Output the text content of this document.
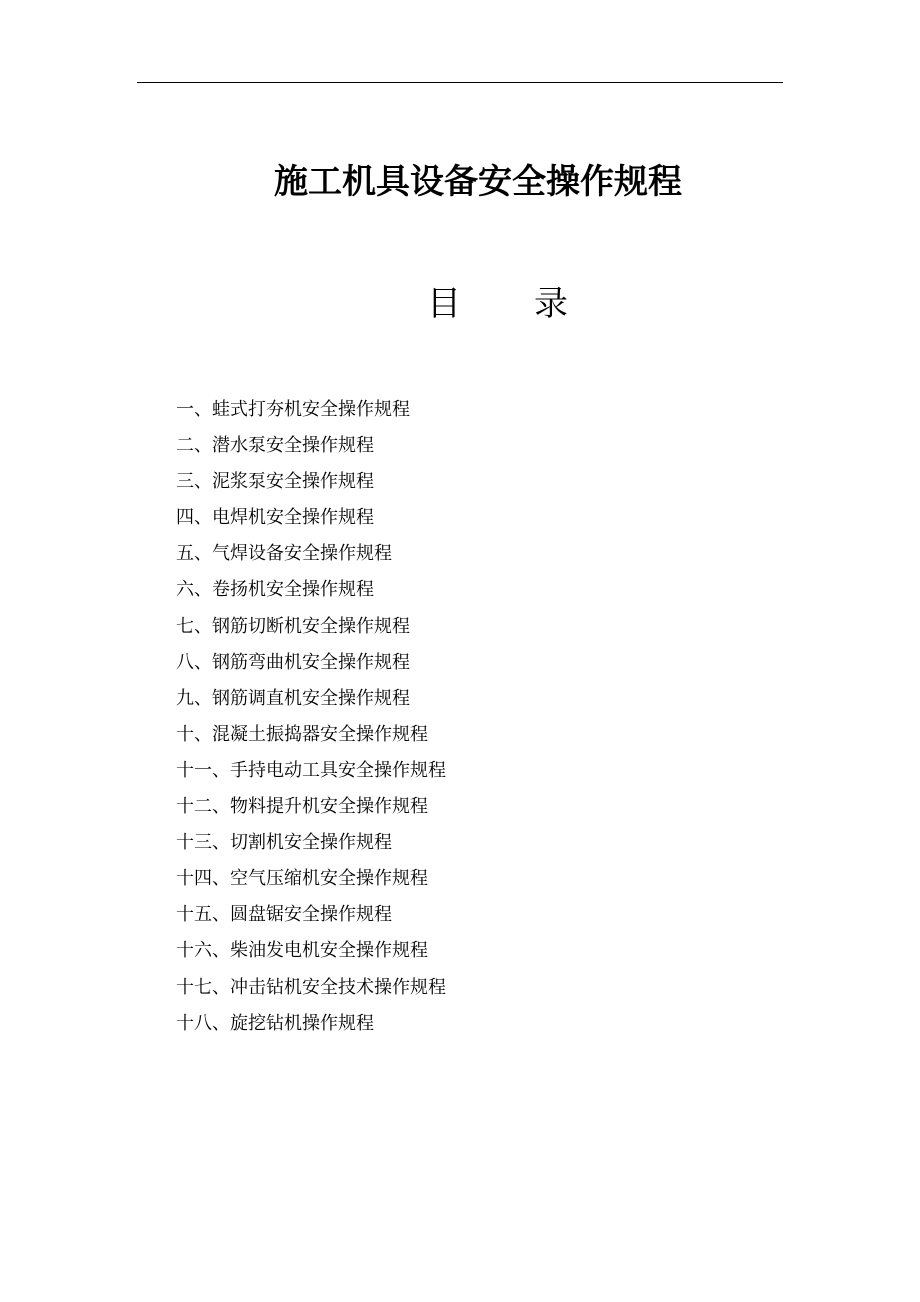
施工机具设备安全操作规程
目 录
一、蛙式打夯机安全操作规程
二、潜水泵安全操作规程
三、泥浆泵安全操作规程
四、电焊机安全操作规程
五、气焊设备安全操作规程
六、卷扬机安全操作规程
七、钢筋切断机安全操作规程
八、钢筋弯曲机安全操作规程
九、钢筋调直机安全操作规程
十、混凝土振捣器安全操作规程
十一、手持电动工具安全操作规程
十二、物料提升机安全操作规程
十三、切割机安全操作规程
十四、空气压缩机安全操作规程
十五、圆盘锯安全操作规程
十六、柴油发电机安全操作规程
十七、冲击钻机安全技术操作规程
十八、旋挖钻机操作规程
